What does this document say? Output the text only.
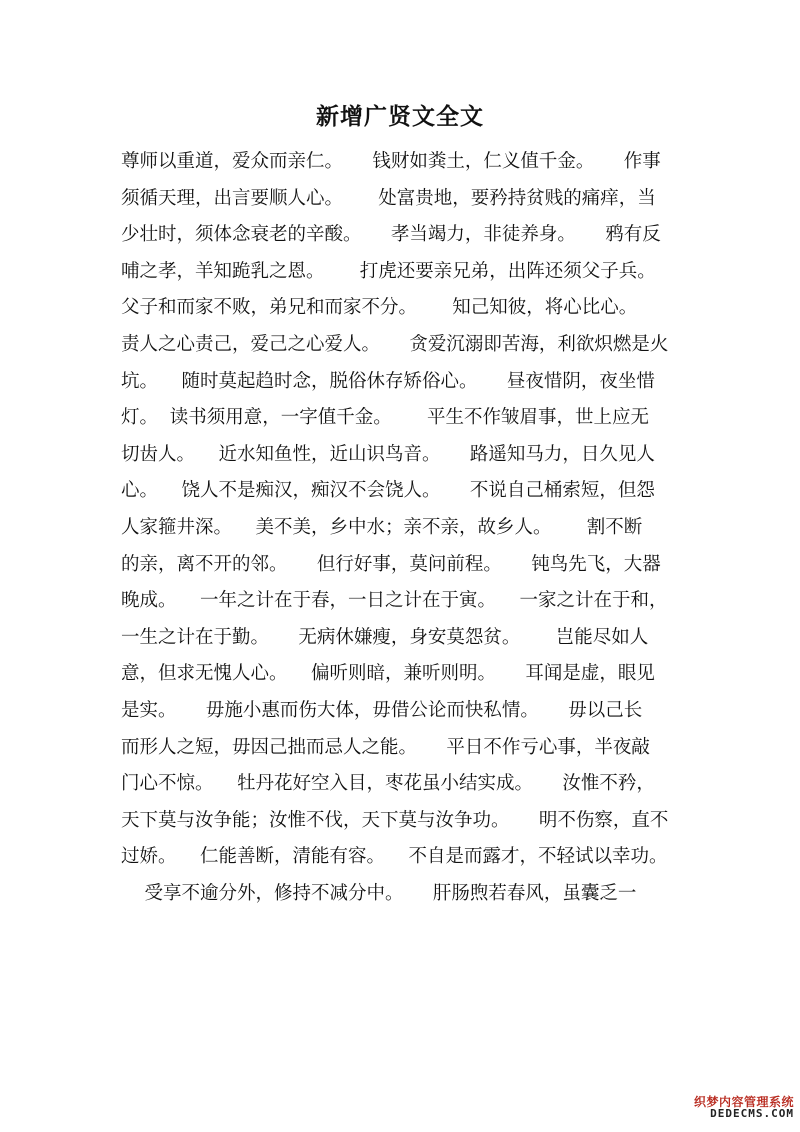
新增广贤文全文
尊师以重道，爱众而亲仁。     钱财如粪土，仁义值千金。     作事
须循天理，出言要顺人心。      处富贵地，要矜持贫贱的痛痒，当
少壮时，须体念衰老的辛酸。     孝当竭力，非徒养身。     鸦有反
哺之孝，羊知跪乳之恩。      打虎还要亲兄弟，出阵还须父子兵。
父子和而家不败，弟兄和而家不分。      知己知彼，将心比心。
责人之心责己，爱己之心爱人。     贪爱沉溺即苦海，利欲炽燃是火
坑。    随时莫起趋时念，脱俗休存矫俗心。     昼夜惜阴，夜坐惜
灯。  读书须用意，一字值千金。      平生不作皱眉事，世上应无
切齿人。    近水知鱼性，近山识鸟音。     路遥知马力，日久见人
心。    饶人不是痴汉，痴汉不会饶人。     不说自己桶索短，但怨
人家箍井深。    美不美，乡中水；亲不亲，故乡人。      割不断
的亲，离不开的邻。     但行好事，莫问前程。     钝鸟先飞，大器
晚成。    一年之计在于春，一日之计在于寅。    一家之计在于和，
一生之计在于勤。     无病休嫌瘦，身安莫怨贫。      岂能尽如人
意，但求无愧人心。    偏听则暗，兼听则明。     耳闻是虚，眼见
是实。     毋施小惠而伤大体，毋借公论而快私情。     毋以己长
而形人之短，毋因己拙而忌人之能。     平日不作亏心事，半夜敲
门心不惊。    牡丹花好空入目，枣花虽小结实成。     汝惟不矜，
天下莫与汝争能；汝惟不伐，天下莫与汝争功。     明不伤察，直不
过娇。    仁能善断，清能有容。    不自是而露才，不轻试以幸功。
受享不逾分外，修持不减分中。     肝肠煦若春风，虽囊乏一
织梦内容管理系统
DEDECMS.COM
